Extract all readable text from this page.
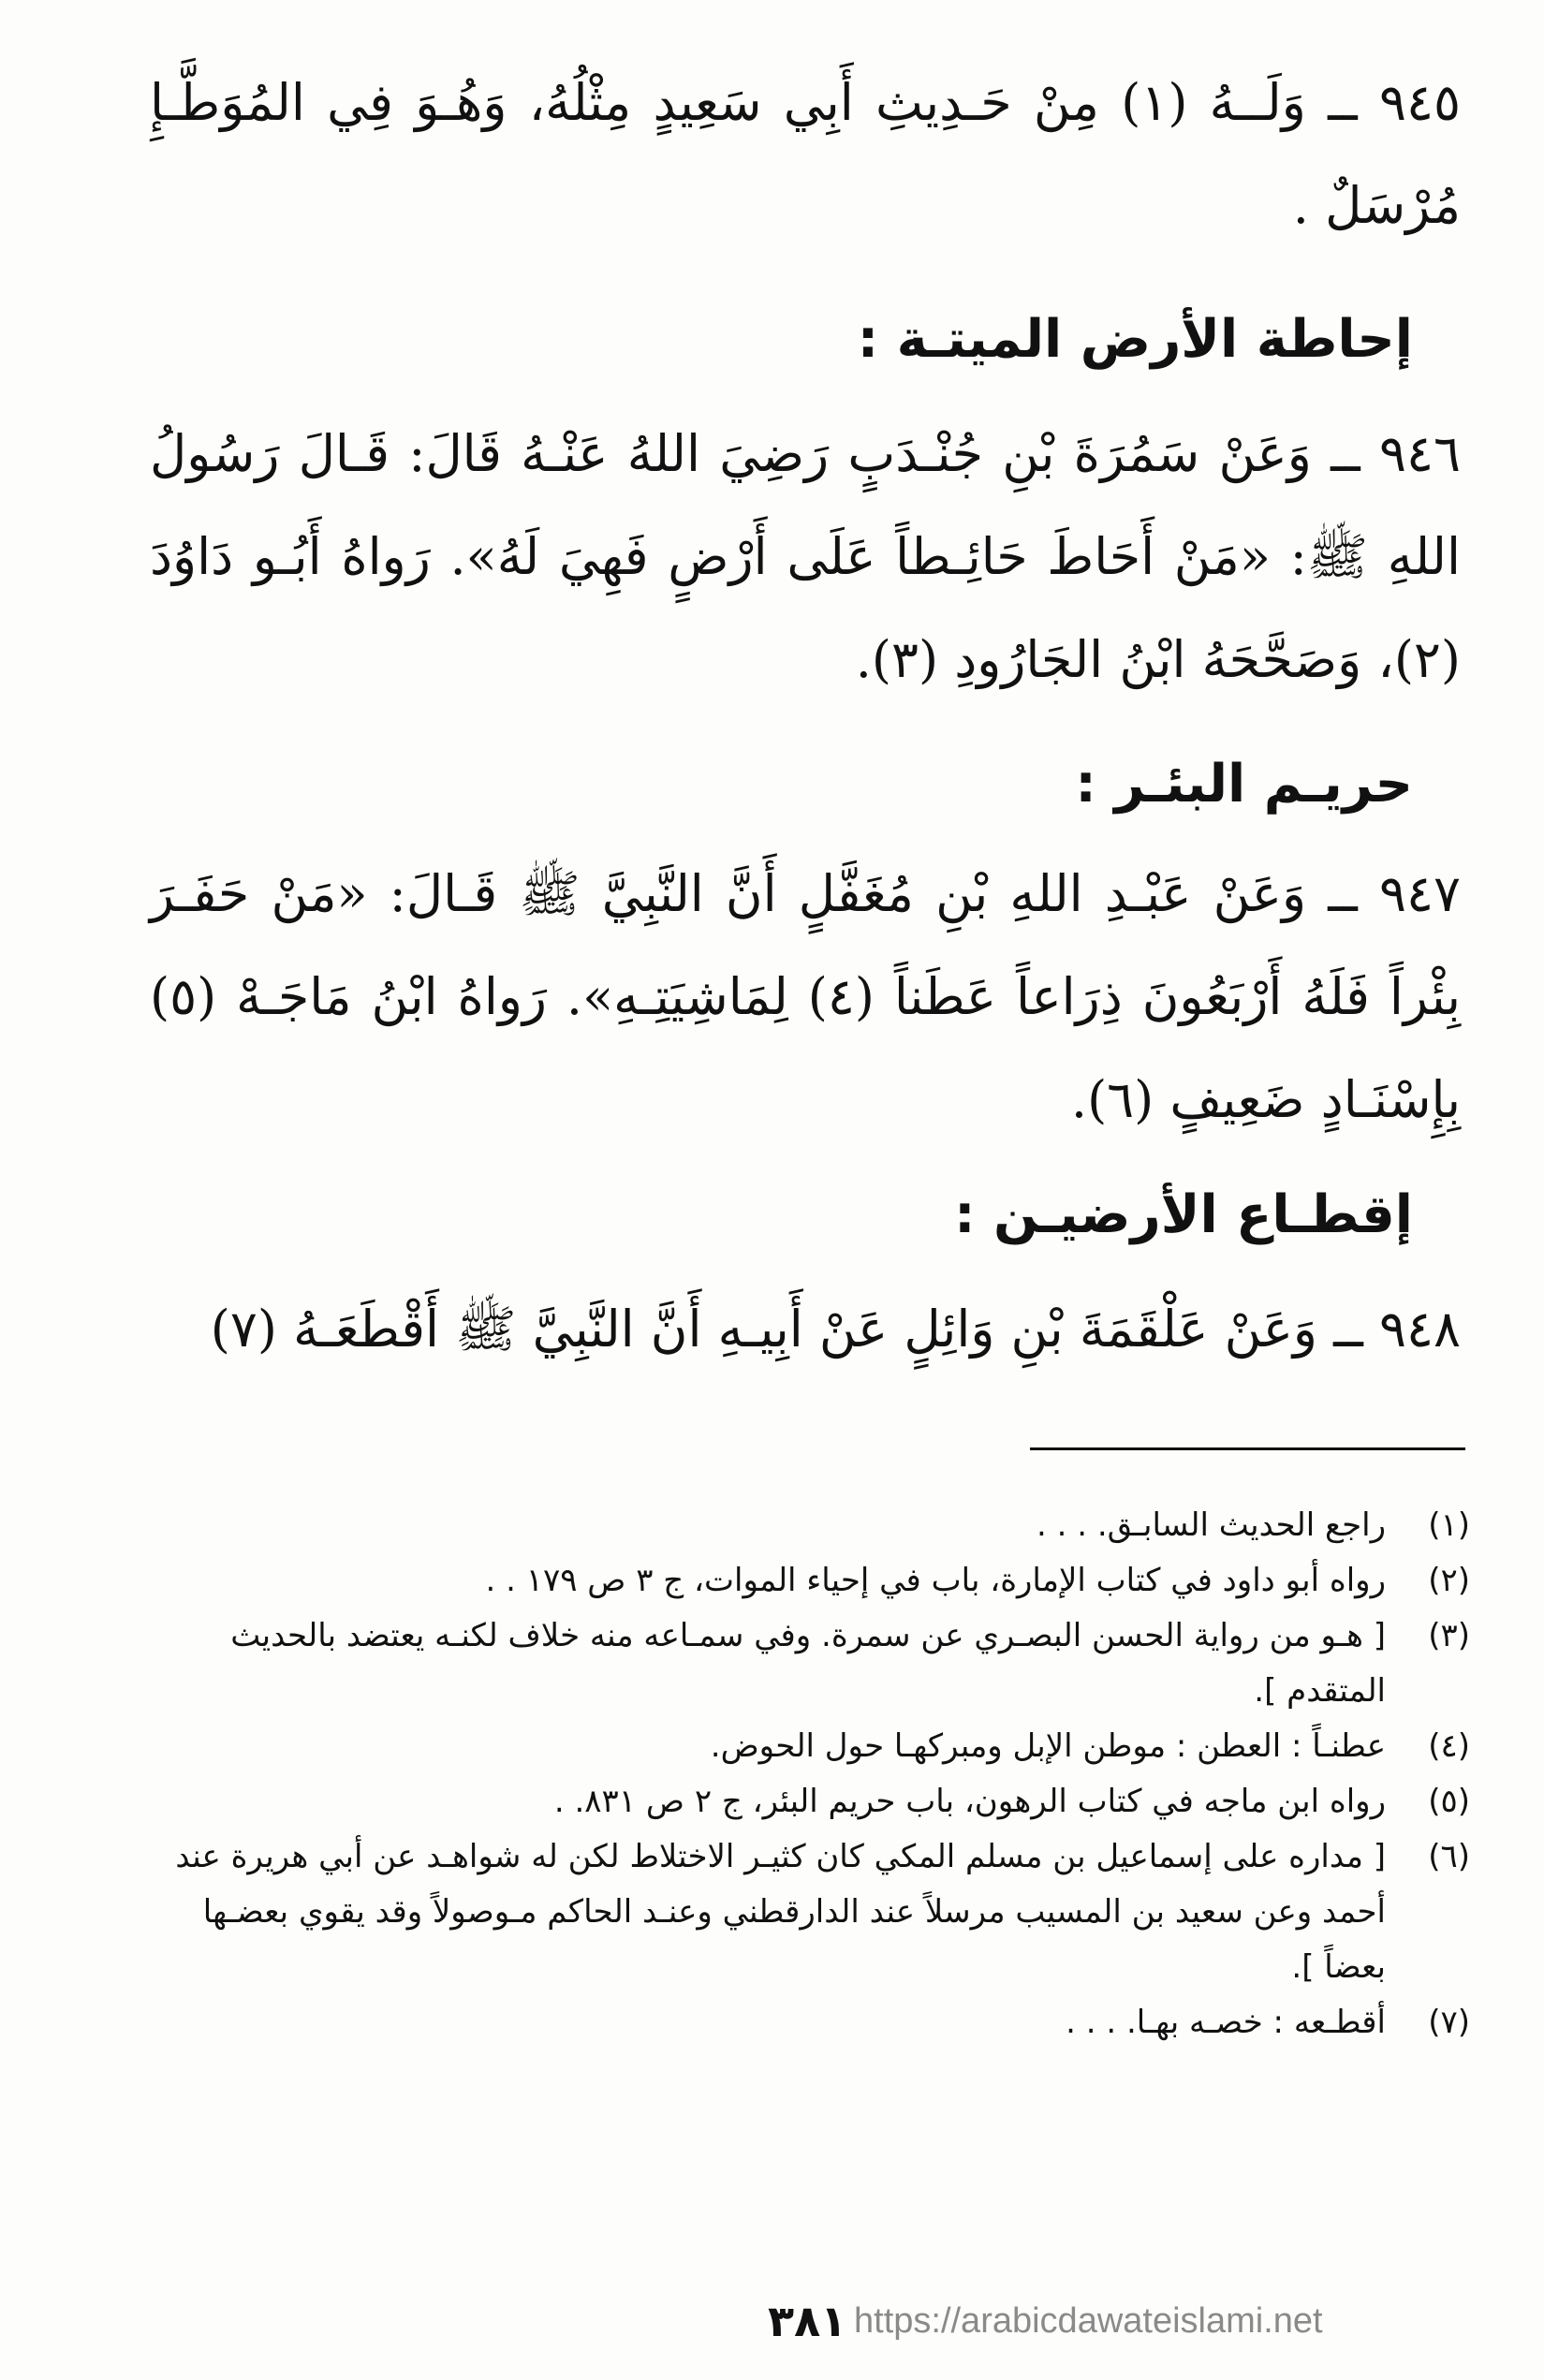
٩٤٥ ــ وَلَــهُ (١) مِنْ حَـدِيثِ أَبِي سَعِيدٍ مِثْلُهُ، وَهُـوَ فِي المُوَطَّـإِ مُرْسَلٌ .
إحاطة الأرض الميتـة :
٩٤٦ ــ وَعَنْ سَمُرَةَ بْنِ جُنْـدَبٍ رَضِيَ اللهُ عَنْـهُ قَالَ: قَـالَ رَسُولُ اللهِ ﷺ: «مَنْ أَحَاطَ حَائِـطاً عَلَى أَرْضٍ فَهِيَ لَهُ». رَواهُ أَبُـو دَاوُدَ (٢)، وَصَحَّحَهُ ابْنُ الجَارُودِ (٣).
حريـم البئـر :
٩٤٧ ــ وَعَنْ عَبْـدِ اللهِ بْنِ مُغَفَّلٍ أَنَّ النَّبِيَّ ﷺ قَـالَ: «مَنْ حَفَـرَ بِئْراً فَلَهُ أَرْبَعُونَ ذِرَاعاً عَطَناً (٤) لِمَاشِيَتِـهِ». رَواهُ ابْنُ مَاجَـهْ (٥) بِإِسْنَـادٍ ضَعِيفٍ (٦).
إقطـاع الأرضيـن :
٩٤٨ ــ وَعَنْ عَلْقَمَةَ بْنِ وَائِلٍ عَنْ أَبِيـهِ أَنَّ النَّبِيَّ ﷺ أَقْطَعَـهُ (٧)
(١)
راجع الحديث السابـق. . . .
(٢)
رواه أبو داود في كتاب الإمارة، باب في إحياء الموات، ج ٣ ص ١٧٩ . .
(٣)
[ هـو من رواية الحسن البصـري عن سمرة. وفي سمـاعه منه خلاف لكنـه يعتضد بالحديث المتقدم ].
(٤)
عطنـاً : العطن : موطن الإبل ومبركهـا حول الحوض.
(٥)
رواه ابن ماجه في كتاب الرهون، باب حريم البئر، ج ٢ ص ٨٣١. .
(٦)
[ مداره على إسماعيل بن مسلم المكي كان كثيـر الاختلاط لكن له شواهـد عن أبي هريرة عند أحمد وعن سعيد بن المسيب مرسلاً عند الدارقطني وعنـد الحاكم مـوصولاً وقد يقوي بعضـها بعضاً ].
(٧)
أقطـعه : خصـه بهـا. . . .
٣٨١ https://arabicdawateislami.net
